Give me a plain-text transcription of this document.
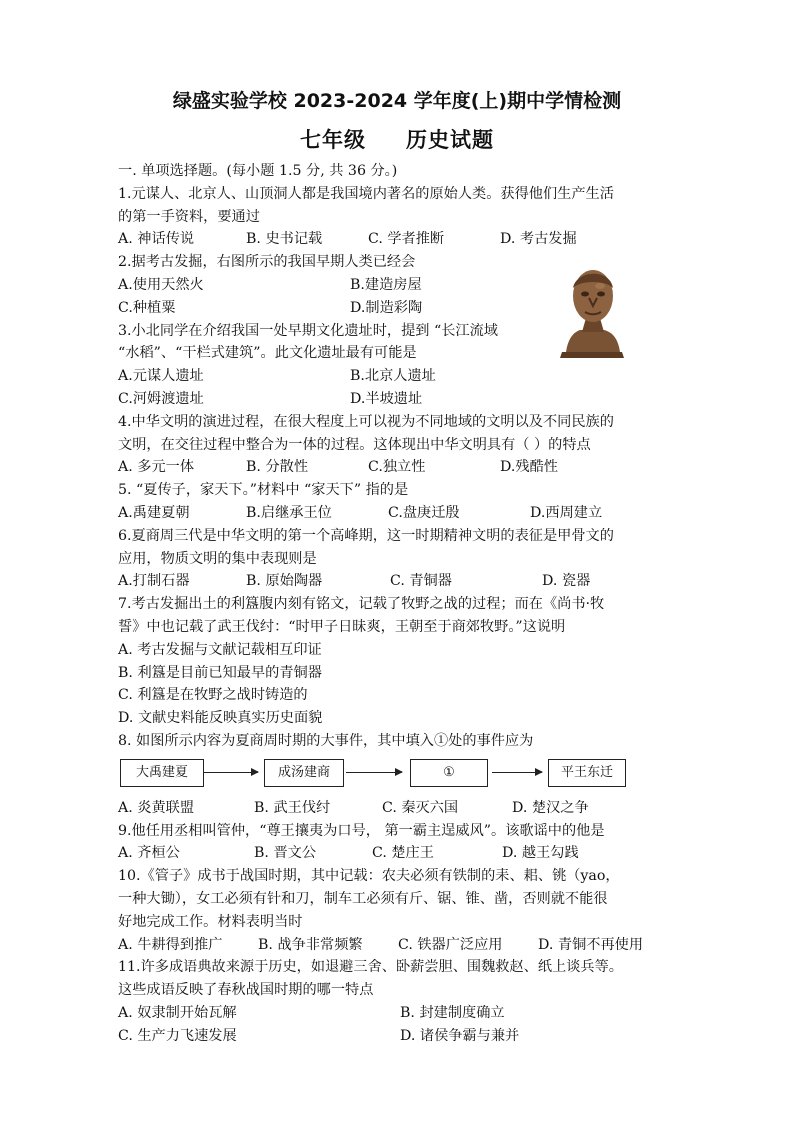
绿盛实验学校 2023-2024 学年度(上)期中学情检测
七年级 历史试题
一. 单项选择题。(每小题 1.5 分, 共 36 分。)
1.元谋人、北京人、山顶洞人都是我国境内著名的原始人类。获得他们生产生活
的第一手资料，要通过
A. 神话传说	B. 史书记载	C. 学者推断	D. 考古发掘
2.据考古发掘，右图所示的我国早期人类已经会
A.使用天然火	B.建造房屋
C.种植粟	D.制造彩陶
3.小北同学在介绍我国一处早期文化遗址时，提到 “长江流域
“水稻”、“干栏式建筑”。此文化遗址最有可能是
A.元谋人遗址	B.北京人遗址
C.河姆渡遗址	D.半坡遗址
4.中华文明的演进过程，在很大程度上可以视为不同地域的文明以及不同民族的
文明，在交往过程中整合为一体的过程。这体现出中华文明具有（ ）的特点
A. 多元一体	B. 分散性	C.独立性	D.残酷性
5. “夏传子，家天下。”材料中 “家天下” 指的是
A.禹建夏朝	B.启继承王位	C.盘庚迁殷	D.西周建立
6.夏商周三代是中华文明的第一个高峰期，这一时期精神文明的表征是甲骨文的
应用，物质文明的集中表现则是
A.打制石器	B. 原始陶器	C. 青铜器	D. 瓷器
7.考古发掘出土的利簋腹内刻有铭文，记载了牧野之战的过程；而在《尚书·牧
誓》中也记载了武王伐纣：“时甲子日昧爽，王朝至于商郊牧野。”这说明
A. 考古发掘与文献记载相互印证
B. 利簋是目前已知最早的青铜器
C. 利簋是在牧野之战时铸造的
D. 文献史料能反映真实历史面貌
8. 如图所示内容为夏商周时期的大事件，其中填入①处的事件应为
大禹建夏	成汤建商	①	平王东迁
A. 炎黄联盟	B. 武王伐纣	C. 秦灭六国	D. 楚汉之争
9.他任用丞相叫管仲，“尊王攘夷为口号， 第一霸主逞威风”。该歌谣中的他是
A. 齐桓公	B. 晋文公	C. 楚庄王	D. 越王勾践
10.《管子》成书于战国时期，其中记载：农夫必须有铁制的耒、耜、铫（yao，
一种大锄），女工必须有针和刀，制车工必须有斤、锯、锥、凿，否则就不能很
好地完成工作。材料表明当时
A. 牛耕得到推广	B. 战争非常频繁	C. 铁器广泛应用	D. 青铜不再使用
11.许多成语典故来源于历史，如退避三舍、卧薪尝胆、围魏救赵、纸上谈兵等。
这些成语反映了春秋战国时期的哪一特点
A. 奴隶制开始瓦解	B. 封建制度确立
C. 生产力飞速发展	D. 诸侯争霸与兼并
